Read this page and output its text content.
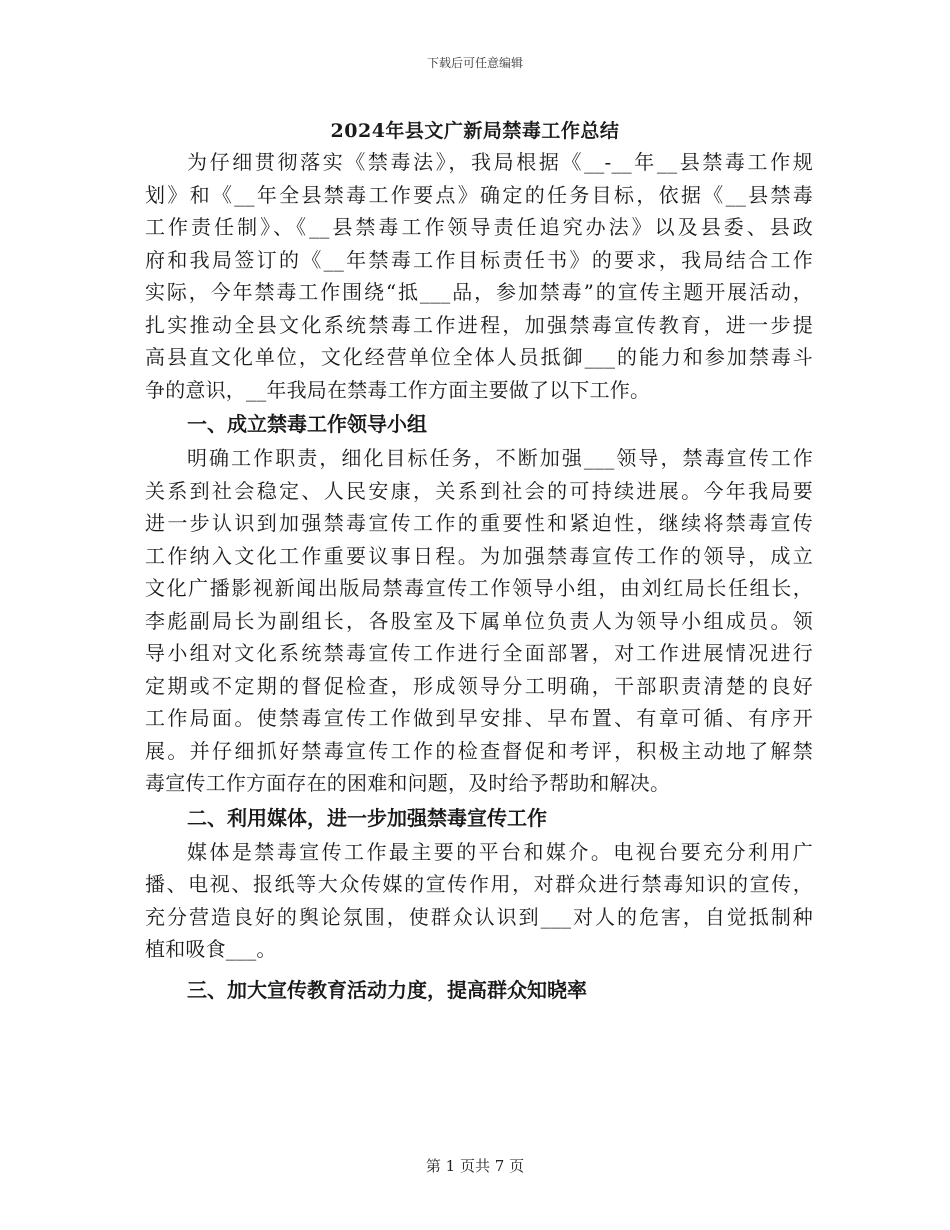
下载后可任意编辑
2024年县文广新局禁毒工作总结
为仔细贯彻落实《禁毒法》，我局根据《__-__年__县禁毒工作规
划》和《__年全县禁毒工作要点》确定的任务目标，依据《__县禁毒
工作责任制》、《__县禁毒工作领导责任追究办法》以及县委、县政
府和我局签订的《__年禁毒工作目标责任书》的要求，我局结合工作
实际，今年禁毒工作围绕“抵___品，参加禁毒”的宣传主题开展活动，
扎实推动全县文化系统禁毒工作进程，加强禁毒宣传教育，进一步提
高县直文化单位，文化经营单位全体人员抵御___的能力和参加禁毒斗
争的意识，__年我局在禁毒工作方面主要做了以下工作。
一、成立禁毒工作领导小组
明确工作职责，细化目标任务，不断加强___领导，禁毒宣传工作
关系到社会稳定、人民安康，关系到社会的可持续进展。今年我局要
进一步认识到加强禁毒宣传工作的重要性和紧迫性，继续将禁毒宣传
工作纳入文化工作重要议事日程。为加强禁毒宣传工作的领导，成立
文化广播影视新闻出版局禁毒宣传工作领导小组，由刘红局长任组长，
李彪副局长为副组长，各股室及下属单位负责人为领导小组成员。领
导小组对文化系统禁毒宣传工作进行全面部署，对工作进展情况进行
定期或不定期的督促检查，形成领导分工明确，干部职责清楚的良好
工作局面。使禁毒宣传工作做到早安排、早布置、有章可循、有序开
展。并仔细抓好禁毒宣传工作的检查督促和考评，积极主动地了解禁
毒宣传工作方面存在的困难和问题，及时给予帮助和解决。
二、利用媒体，进一步加强禁毒宣传工作
媒体是禁毒宣传工作最主要的平台和媒介。电视台要充分利用广
播、电视、报纸等大众传媒的宣传作用，对群众进行禁毒知识的宣传，
充分营造良好的舆论氛围，使群众认识到___对人的危害，自觉抵制种
植和吸食___。
三、加大宣传教育活动力度，提高群众知晓率
第 1 页共 7 页
